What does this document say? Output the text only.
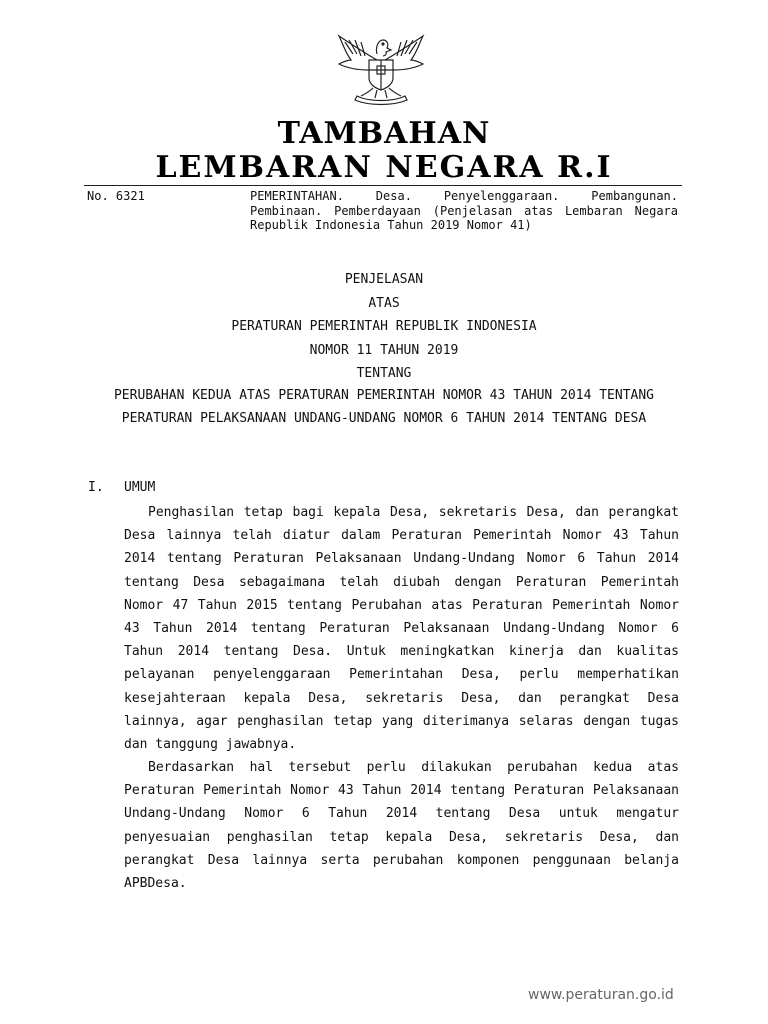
TAMBAHAN
LEMBARAN NEGARA R.I
No. 6321	PEMERINTAHAN. Desa. Penyelenggaraan. Pembangunan. Pembinaan. Pemberdayaan (Penjelasan atas Lembaran Negara Republik Indonesia Tahun 2019 Nomor 41)
PENJELASAN
ATAS
PERATURAN PEMERINTAH REPUBLIK INDONESIA
NOMOR 11 TAHUN 2019
TENTANG
PERUBAHAN KEDUA ATAS PERATURAN PEMERINTAH NOMOR 43 TAHUN 2014 TENTANG PERATURAN PELAKSANAAN UNDANG-UNDANG NOMOR 6 TAHUN 2014 TENTANG DESA
I. UMUM

Penghasilan tetap bagi kepala Desa, sekretaris Desa, dan perangkat Desa lainnya telah diatur dalam Peraturan Pemerintah Nomor 43 Tahun 2014 tentang Peraturan Pelaksanaan Undang-Undang Nomor 6 Tahun 2014 tentang Desa sebagaimana telah diubah dengan Peraturan Pemerintah Nomor 47 Tahun 2015 tentang Perubahan atas Peraturan Pemerintah Nomor 43 Tahun 2014 tentang Peraturan Pelaksanaan Undang-Undang Nomor 6 Tahun 2014 tentang Desa. Untuk meningkatkan kinerja dan kualitas pelayanan penyelenggaraan Pemerintahan Desa, perlu memperhatikan kesejahteraan kepala Desa, sekretaris Desa, dan perangkat Desa lainnya, agar penghasilan tetap yang diterimanya selaras dengan tugas dan tanggung jawabnya.

Berdasarkan hal tersebut perlu dilakukan perubahan kedua atas Peraturan Pemerintah Nomor 43 Tahun 2014 tentang Peraturan Pelaksanaan Undang-Undang Nomor 6 Tahun 2014 tentang Desa untuk mengatur penyesuaian penghasilan tetap kepala Desa, sekretaris Desa, dan perangkat Desa lainnya serta perubahan komponen penggunaan belanja APBDesa.

www.peraturan.go.id
